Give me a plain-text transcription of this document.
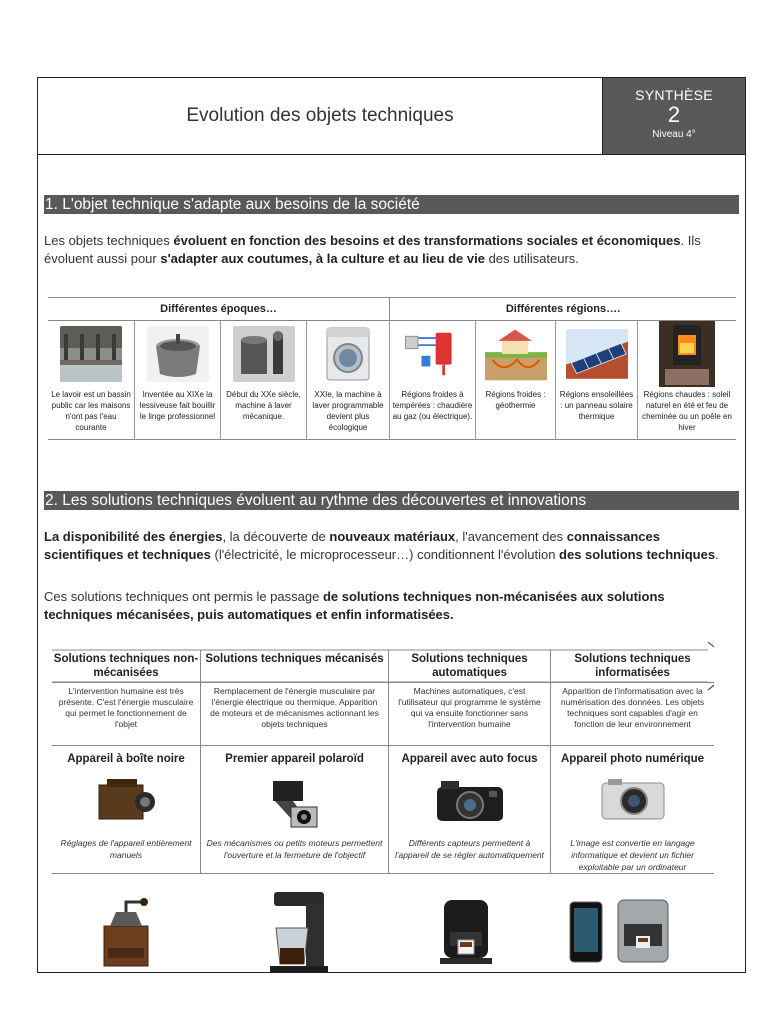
Evolution des objets techniques
SYNTHÈSE
2
Niveau 4°
1. L'objet technique s'adapte aux besoins de la société
Les objets techniques évoluent en fonction des besoins et des transformations sociales et économiques. Ils évoluent aussi pour s'adapter aux coutumes, à la culture et au lieu de vie des utilisateurs.
Différentes époques…	Différentes régions….
Le lavoir est un bassin public car les maisons n'ont pas l'eau courante
Inventée au XIXe la lessiveuse fait bouillir le linge professionnel
Début du XXe siècle, machine à laver mécanique.
XXIe, la machine à laver programmable devient plus écologique
Régions froides à tempérées : chaudière au gaz (ou électrique).
Régions froides : géothermie
Régions ensoleillées : un panneau solaire thermique
Régions chaudes : soleil naturel en été et feu de cheminée ou un poêle en hiver
2. Les solutions techniques évoluent au rythme des découvertes et innovations
La disponibilité des énergies, la découverte de nouveaux matériaux, l'avancement des connaissances scientifiques et techniques (l'électricité, le microprocesseur…) conditionnent l'évolution des solutions techniques.
Ces solutions techniques ont permis le passage de solutions techniques non-mécanisées aux solutions techniques mécanisées, puis automatiques et enfin informatisées.
Solutions techniques non-mécanisées
L'intervention humaine est très présente. C'est l'énergie musculaire qui permet le fonctionnement de l'objet
Appareil à boîte noire
Réglages de l'appareil entièrement manuels
Solutions techniques mécanisés
Remplacement de l'énergie musculaire par l'énergie électrique ou thermique. Apparition de moteurs et de mécanismes actionnant les objets techniques
Premier appareil polaroïd
Des mécanismes ou petits moteurs permettent l'ouverture et la fermeture de l'objectif
Solutions techniques automatiques
Machines automatiques, c'est l'utilisateur qui programme le système qui va ensuite fonctionner sans l'intervention humaine
Appareil avec auto focus
Différents capteurs permettent à l'appareil de se régler automatiquement
Solutions techniques informatisées
Apparition de l'informatisation avec la numérisation des données. Les objets techniques sont capables d'agir en fonction de leur environnement
Appareil photo numérique
L'image est convertie en langage informatique et devient un fichier exploitable par un ordinateur
